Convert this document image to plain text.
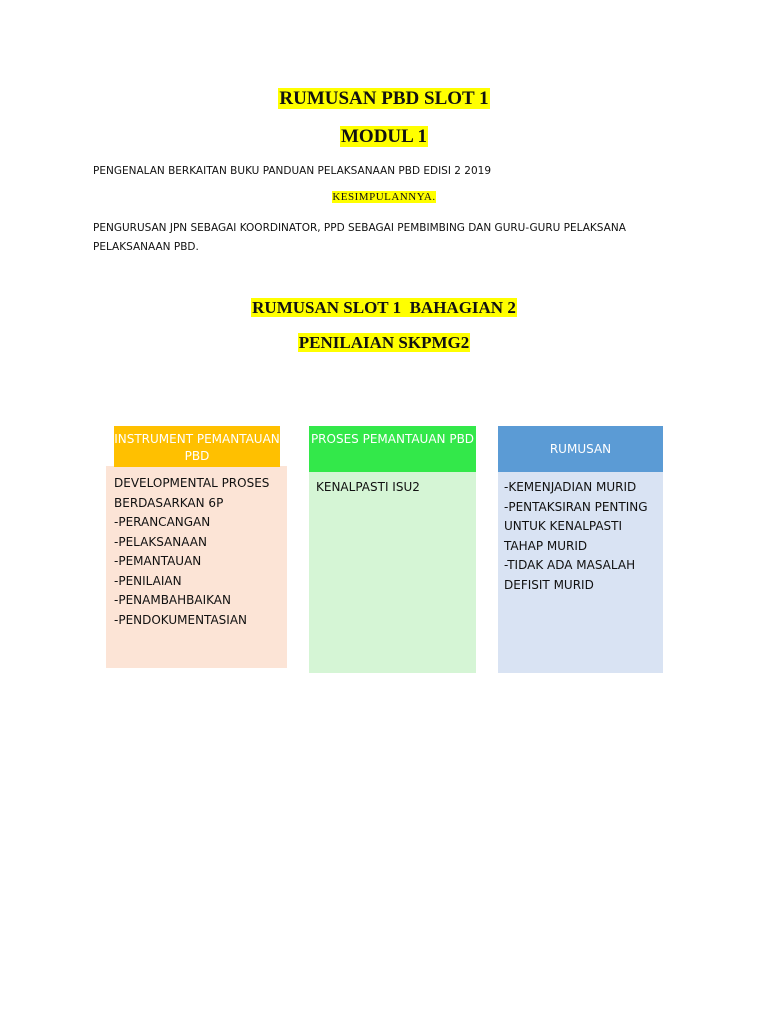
RUMUSAN PBD SLOT 1
MODUL 1
PENGENALAN BERKAITAN BUKU PANDUAN PELAKSANAAN PBD EDISI 2 2019
KESIMPULANNYA.
PENGURUSAN JPN SEBAGAI KOORDINATOR, PPD SEBAGAI PEMBIMBING DAN GURU-GURU PELAKSANA PELAKSANAAN PBD.
RUMUSAN SLOT 1  BAHAGIAN 2
PENILAIAN SKPMG2
INSTRUMENT PEMANTAUAN PBD
DEVELOPMENTAL PROSES BERDASARKAN 6P
-PERANCANGAN
-PELAKSANAAN
-PEMANTAUAN
-PENILAIAN
-PENAMBAHBAIKAN
-PENDOKUMENTASIAN
PROSES PEMANTAUAN PBD
KENALPASTI ISU2
RUMUSAN
-KEMENJADIAN MURID
-PENTAKSIRAN PENTING UNTUK KENALPASTI TAHAP MURID
-TIDAK ADA MASALAH DEFISIT MURID
